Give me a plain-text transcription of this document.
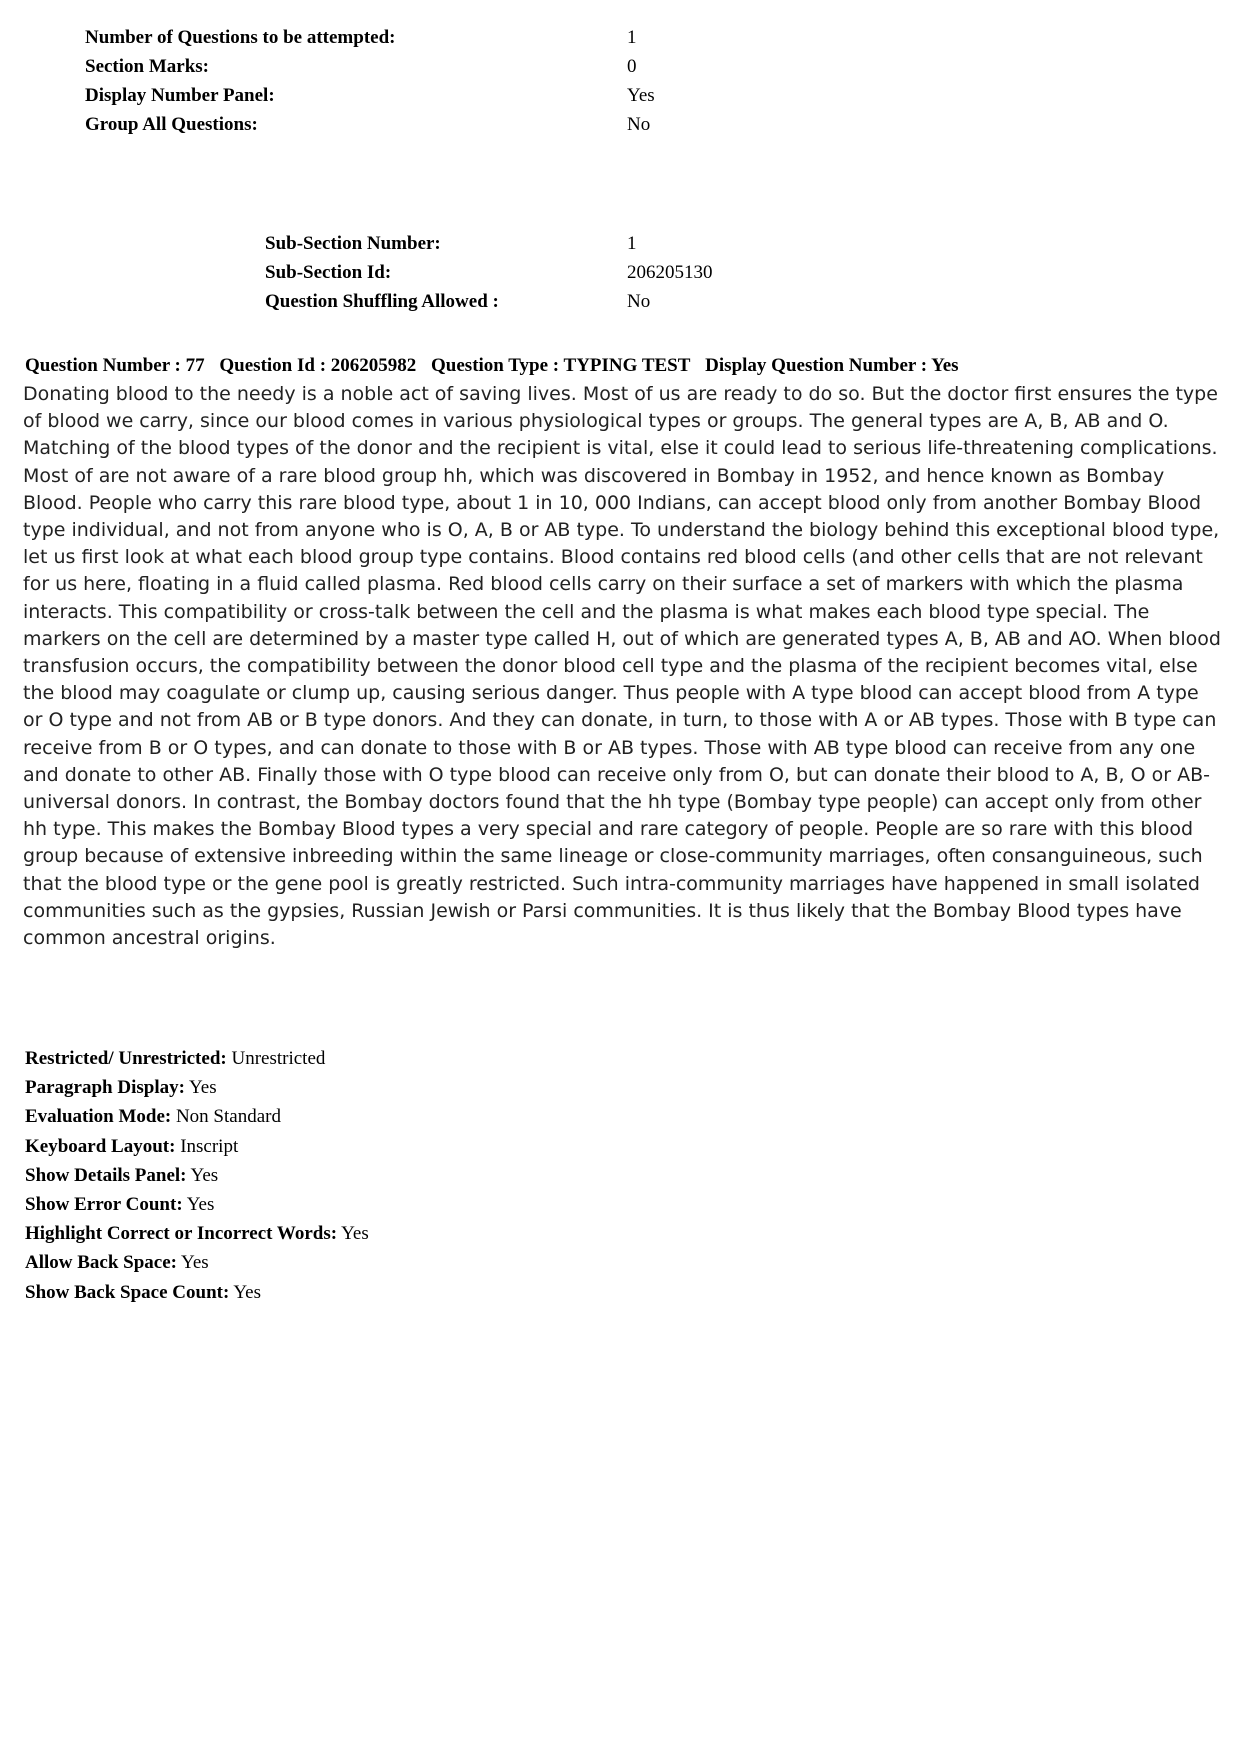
Number of Questions to be attempted:	1
Section Marks:	0
Display Number Panel:	Yes
Group All Questions:	No
Sub-Section Number:	1
Sub-Section Id:	206205130
Question Shuffling Allowed :	No
Question Number : 77 Question Id : 206205982 Question Type : TYPING TEST Display Question Number : Yes

Donating blood to the needy is a noble act of saving lives. Most of us are ready to do so. But the doctor first ensures the type of blood we carry, since our blood comes in various physiological types or groups. The general types are A, B, AB and O. Matching of the blood types of the donor and the recipient is vital, else it could lead to serious life-threatening complications. Most of are not aware of a rare blood group hh, which was discovered in Bombay in 1952, and hence known as Bombay Blood. People who carry this rare blood type, about 1 in 10, 000 Indians, can accept blood only from another Bombay Blood type individual, and not from anyone who is O, A, B or AB type. To understand the biology behind this exceptional blood type, let us first look at what each blood group type contains. Blood contains red blood cells (and other cells that are not relevant for us here, floating in a fluid called plasma. Red blood cells carry on their surface a set of markers with which the plasma interacts. This compatibility or cross-talk between the cell and the plasma is what makes each blood type special. The markers on the cell are determined by a master type called H, out of which are generated types A, B, AB and AO. When blood transfusion occurs, the compatibility between the donor blood cell type and the plasma of the recipient becomes vital, else the blood may coagulate or clump up, causing serious danger. Thus people with A type blood can accept blood from A type or O type and not from AB or B type donors. And they can donate, in turn, to those with A or AB types. Those with B type can receive from B or O types, and can donate to those with B or AB types. Those with AB type blood can receive from any one and donate to other AB. Finally those with O type blood can receive only from O, but can donate their blood to A, B, O or AB- universal donors. In contrast, the Bombay doctors found that the hh type (Bombay type people) can accept only from other hh type. This makes the Bombay Blood types a very special and rare category of people. People are so rare with this blood group because of extensive inbreeding within the same lineage or close-community marriages, often consanguineous, such that the blood type or the gene pool is greatly restricted. Such intra-community marriages have happened in small isolated communities such as the gypsies, Russian Jewish or Parsi communities. It is thus likely that the Bombay Blood types have common ancestral origins.

Restricted/ Unrestricted: Unrestricted
Paragraph Display: Yes
Evaluation Mode: Non Standard
Keyboard Layout: Inscript
Show Details Panel: Yes
Show Error Count: Yes
Highlight Correct or Incorrect Words: Yes
Allow Back Space: Yes
Show Back Space Count: Yes
